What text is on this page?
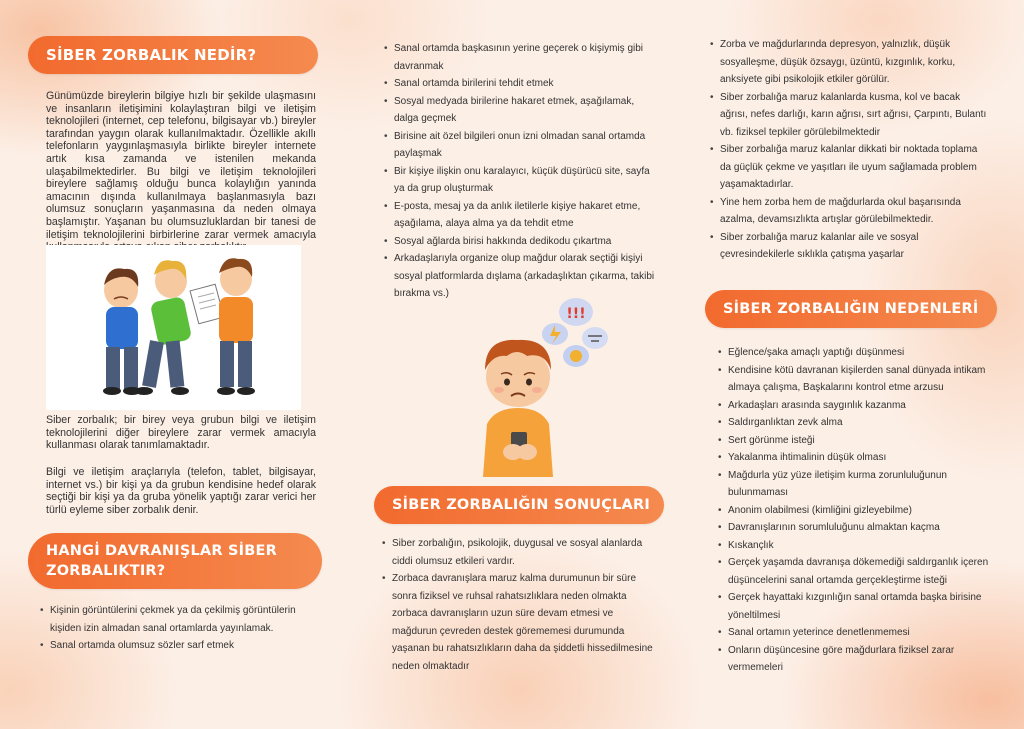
SİBER ZORBALIK NEDİR?
Günümüzde bireylerin bilgiye hızlı bir şekilde ulaşmasını ve insanların iletişimini kolaylaştıran bilgi ve iletişim teknolojileri (internet, cep telefonu, bilgisayar vb.) bireyler tarafından yaygın olarak kullanılmaktadır. Özellikle akıllı telefonların yaygınlaşmasıyla birlikte bireyler internete artık kısa zamanda ve istenilen mekanda ulaşabilmektedirler. Bu bilgi ve iletişim teknolojileri bireylere sağlamış olduğu bunca kolaylığın yanında amacının dışında kullanılmaya başlanmasıyla bazı olumsuz sonuçların yaşanmasına da neden olmaya başlamıştır. Yaşanan bu olumsuzluklardan bir tanesi de iletişim teknolojilerini birbirlerine zarar vermek amacıyla
Siber zorbalık; bir birey veya grubun bilgi ve iletişim teknolojilerini diğer bireylere zarar vermek amacıyla kullanması olarak tanımlamaktadır.
Bilgi ve iletişim araçlarıyla (telefon, tablet, bilgisayar, internet vs.) bir kişi ya da grubun kendisine hedef olarak seçtiği bir kişi ya da gruba yönelik yaptığı zarar verici her türlü eyleme siber zorbalık denir.
HANGİ DAVRANIŞLAR SİBER
ZORBALIKTIR?
• Kişinin görüntülerini çekmek ya da çekilmiş görüntülerin kişiden izin almadan sanal ortamlarda yayınlamak.
• Sanal ortamda olumsuz sözler sarf etmek
• Sanal ortamda başkasının yerine geçerek o kişiymiş gibi davranmak
• Sanal ortamda birilerini tehdit etmek
• Sosyal medyada birilerine hakaret etmek, aşağılamak, dalga geçmek
• Birisine ait özel bilgileri onun izni olmadan sanal ortamda paylaşmak
• Bir kişiye ilişkin onu karalayıcı, küçük düşürücü site, sayfa ya da grup oluşturmak
• E-posta, mesaj ya da anlık iletilerle kişiye hakaret etme, aşağılama, alaya alma ya da tehdit etme
• Sosyal ağlarda birisi hakkında dedikodu çıkartma
• Arkadaşlarıyla organize olup mağdur olarak seçtiği kişiyi sosyal platformlarda dışlama (arkadaşlıktan çıkarma, takibi bırakma vs.)
!!!
SİBER ZORBALIĞIN SONUÇLARI
• Siber zorbalığın, psikolojik, duygusal ve sosyal alanlarda ciddi olumsuz etkileri vardır.
• Zorbaca davranışlara maruz kalma durumunun bir süre sonra fiziksel ve ruhsal rahatsızlıklara neden olmakta zorbaca davranışların uzun süre devam etmesi ve mağdurun çevreden destek görememesi durumunda yaşanan bu rahatsızlıkların daha da şiddetli hissedilmesine neden olmaktadır
• Zorba ve mağdurlarında depresyon, yalnızlık, düşük sosyalleşme, düşük özsaygı, üzüntü, kızgınlık, korku, anksiyete gibi psikolojik etkiler görülür.
• Siber zorbalığa maruz kalanlarda kusma, kol ve bacak ağrısı, nefes darlığı, karın ağrısı, sırt ağrısı, Çarpıntı, Bulantı vb. fiziksel tepkiler görülebilmektedir
• Siber zorbalığa maruz kalanlar dikkati bir noktada toplama da güçlük çekme ve yaşıtları ile uyum sağlamada problem yaşamaktadırlar.
• Yine hem zorba hem de mağdurlarda okul başarısında azalma, devamsızlıkta artışlar görülebilmektedir.
• Siber zorbalığa maruz kalanlar aile ve sosyal çevresindekilerle sıklıkla çatışma yaşarlar
SİBER ZORBALIĞIN NEDENLERİ
• Eğlence/şaka amaçlı yaptığı düşünmesi
• Kendisine kötü davranan kişilerden sanal dünyada intikam almaya çalışma, Başkalarını kontrol etme arzusu
• Arkadaşları arasında saygınlık kazanma
• Saldırganlıktan zevk alma
• Sert görünme isteği
• Yakalanma ihtimalinin düşük olması
• Mağdurla yüz yüze iletişim kurma zorunluluğunun bulunmaması
• Anonim olabilmesi (kimliğini gizleyebilme)
• Davranışlarının sorumluluğunu almaktan kaçma
• Kıskançlık
• Gerçek yaşamda davranışa dökemediği saldırganlık içeren düşüncelerini sanal ortamda gerçekleştirme isteği
• Gerçek hayattaki kızgınlığın sanal ortamda başka birisine yöneltilmesi
• Sanal ortamın yeterince denetlenmemesi
• Onların düşüncesine göre mağdurlara fiziksel zarar vermemeleri
